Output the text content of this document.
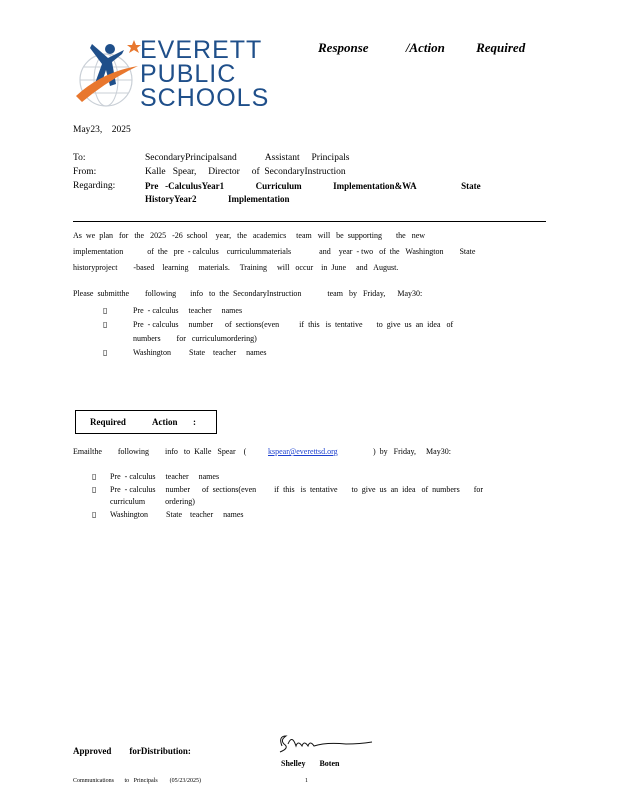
EVERETT
PUBLIC
SCHOOLS
Response	/Action Required
May23,    2025
To:	SecondaryPrincipalsand            Assistant     Principals
From:	Kalle   Spear,     Director     of  SecondaryInstruction
Regarding:	Pre   -CalculusYear1              Curriculum              Implementation&WA                    State
HistoryYear2              Implementation
As  we  plan   for   the   2025   -26  school    year,   the   academics     team   will   be  supporting       the   new
implementation            of  the   pre  - calculus    curriculummaterials              and    year  - two   of  the   Washington        State
historyproject        -based    learning     materials.     Training     will   occur    in  June     and   August.
Please  submitthe        following       info   to  the  SecondaryInstruction             team   by   Friday,      May30:
▯	Pre  - calculus     teacher     names
▯	Pre  - calculus     number      of  sections(even          if  this   is  tentative       to  give  us  an  idea   of
numbers        for   curriculumordering)
▯	Washington         State    teacher     names
Required	Action :
Emailthe        following        info   to  Kalle   Spear    (	kspear@everettsd.org	)  by   Friday,     May30:
▯ Pre  - calculus     teacher     names
▯ Pre  - calculus     number      of  sections(even         if  this   is  tentative       to  give  us  an  idea   of  numbers       for
curriculum          ordering)
▯ Washington         State    teacher     names
Approved        forDistribution:
Shelley       Boten
Communications       to   Principals        (05/23/2025)	1
